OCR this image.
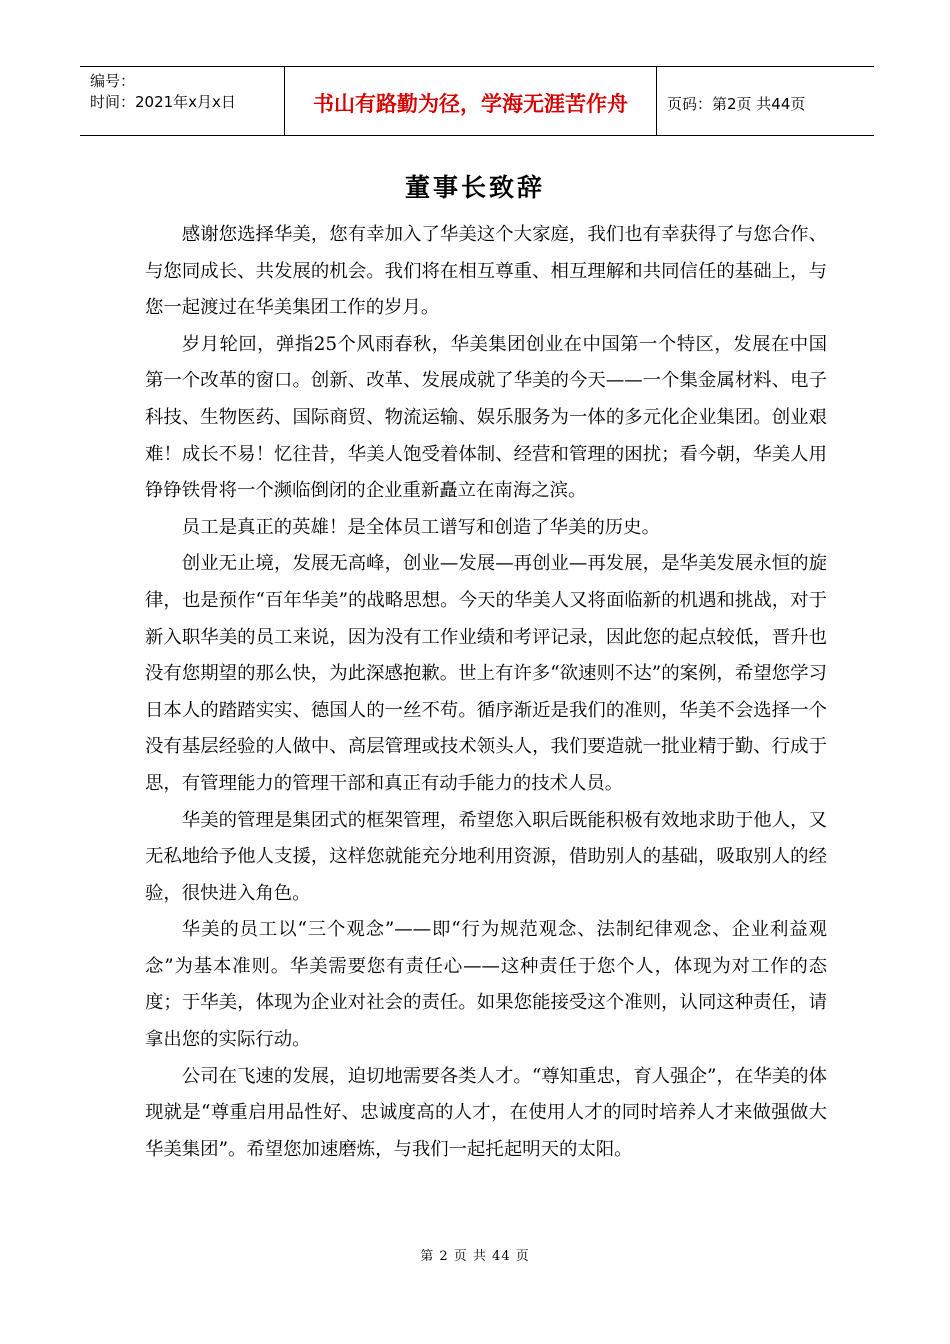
编号：
时间：2021年x月x日	书山有路勤为径，学海无涯苦作舟	页码：第2页 共44页
董事长致辞

感谢您选择华美，您有幸加入了华美这个大家庭，我们也有幸获得了与您合作、与您同成长、共发展的机会。我们将在相互尊重、相互理解和共同信任的基础上，与您一起渡过在华美集团工作的岁月。

岁月轮回，弹指25个风雨春秋，华美集团创业在中国第一个特区，发展在中国第一个改革的窗口。创新、改革、发展成就了华美的今天——一个集金属材料、电子科技、生物医药、国际商贸、物流运输、娱乐服务为一体的多元化企业集团。创业艰难！成长不易！忆往昔，华美人饱受着体制、经营和管理的困扰；看今朝，华美人用铮铮铁骨将一个濒临倒闭的企业重新矗立在南海之滨。

员工是真正的英雄！是全体员工谱写和创造了华美的历史。

创业无止境，发展无高峰，创业—发展—再创业—再发展，是华美发展永恒的旋律，也是预作“百年华美”的战略思想。今天的华美人又将面临新的机遇和挑战，对于新入职华美的员工来说，因为没有工作业绩和考评记录，因此您的起点较低，晋升也没有您期望的那么快，为此深感抱歉。世上有许多“欲速则不达”的案例，希望您学习日本人的踏踏实实、德国人的一丝不苟。循序渐近是我们的准则，华美不会选择一个没有基层经验的人做中、高层管理或技术领头人，我们要造就一批业精于勤、行成于思，有管理能力的管理干部和真正有动手能力的技术人员。

华美的管理是集团式的框架管理，希望您入职后既能积极有效地求助于他人，又无私地给予他人支援，这样您就能充分地利用资源，借助别人的基础，吸取别人的经验，很快进入角色。

华美的员工以“三个观念”——即“行为规范观念、法制纪律观念、企业利益观念”为基本准则。华美需要您有责任心——这种责任于您个人，体现为对工作的态度；于华美，体现为企业对社会的责任。如果您能接受这个准则，认同这种责任，请拿出您的实际行动。

公司在飞速的发展，迫切地需要各类人才。“尊知重忠，育人强企”，在华美的体现就是“尊重启用品性好、忠诚度高的人才，在使用人才的同时培养人才来做强做大华美集团”。希望您加速磨炼，与我们一起托起明天的太阳。

第 2 页 共 44 页
